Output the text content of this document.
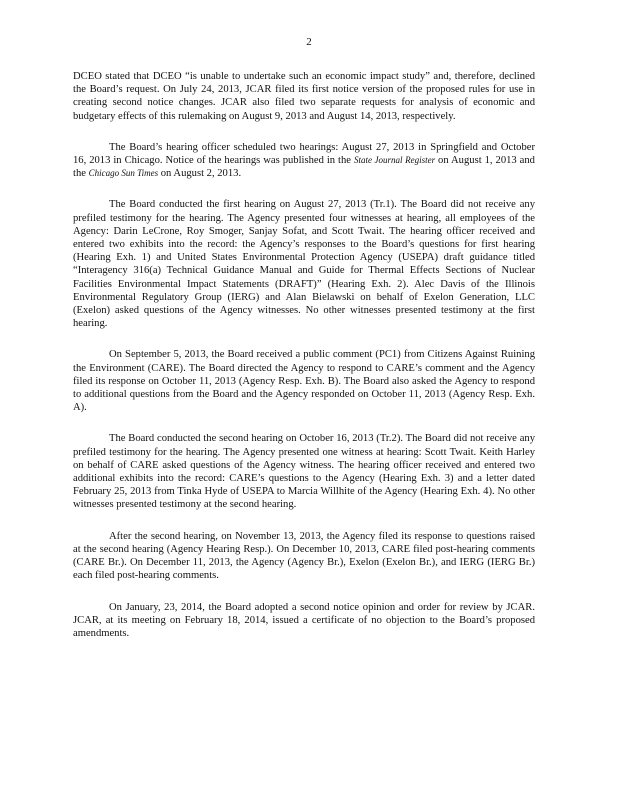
2

DCEO stated that DCEO “is unable to undertake such an economic impact study” and, therefore, declined the Board’s request. On July 24, 2013, JCAR filed its first notice version of the proposed rules for use in creating second notice changes. JCAR also filed two separate requests for analysis of economic and budgetary effects of this rulemaking on August 9, 2013 and August 14, 2013, respectively.

The Board’s hearing officer scheduled two hearings: August 27, 2013 in Springfield and October 16, 2013 in Chicago. Notice of the hearings was published in the State Journal Register on August 1, 2013 and the Chicago Sun Times on August 2, 2013.

The Board conducted the first hearing on August 27, 2013 (Tr.1). The Board did not receive any prefiled testimony for the hearing. The Agency presented four witnesses at hearing, all employees of the Agency: Darin LeCrone, Roy Smoger, Sanjay Sofat, and Scott Twait. The hearing officer received and entered two exhibits into the record: the Agency’s responses to the Board’s questions for first hearing (Hearing Exh. 1) and United States Environmental Protection Agency (USEPA) draft guidance titled “Interagency 316(a) Technical Guidance Manual and Guide for Thermal Effects Sections of Nuclear Facilities Environmental Impact Statements (DRAFT)” (Hearing Exh. 2). Alec Davis of the Illinois Environmental Regulatory Group (IERG) and Alan Bielawski on behalf of Exelon Generation, LLC (Exelon) asked questions of the Agency witnesses. No other witnesses presented testimony at the first hearing.

On September 5, 2013, the Board received a public comment (PC1) from Citizens Against Ruining the Environment (CARE). The Board directed the Agency to respond to CARE’s comment and the Agency filed its response on October 11, 2013 (Agency Resp. Exh. B). The Board also asked the Agency to respond to additional questions from the Board and the Agency responded on October 11, 2013 (Agency Resp. Exh. A).

The Board conducted the second hearing on October 16, 2013 (Tr.2). The Board did not receive any prefiled testimony for the hearing. The Agency presented one witness at hearing: Scott Twait. Keith Harley on behalf of CARE asked questions of the Agency witness. The hearing officer received and entered two additional exhibits into the record: CARE’s questions to the Agency (Hearing Exh. 3) and a letter dated February 25, 2013 from Tinka Hyde of USEPA to Marcia Willhite of the Agency (Hearing Exh. 4). No other witnesses presented testimony at the second hearing.

After the second hearing, on November 13, 2013, the Agency filed its response to questions raised at the second hearing (Agency Hearing Resp.). On December 10, 2013, CARE filed post-hearing comments (CARE Br.). On December 11, 2013, the Agency (Agency Br.), Exelon (Exelon Br.), and IERG (IERG Br.) each filed post-hearing comments.

On January, 23, 2014, the Board adopted a second notice opinion and order for review by JCAR. JCAR, at its meeting on February 18, 2014, issued a certificate of no objection to the Board’s proposed amendments.
